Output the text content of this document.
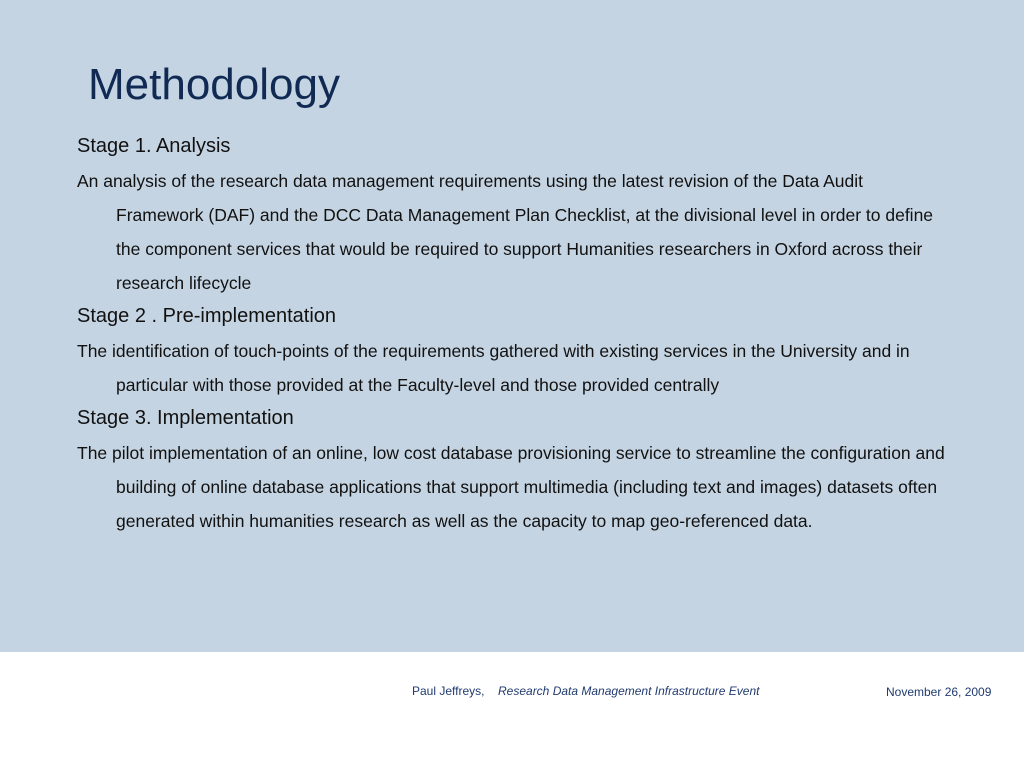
Methodology

Stage 1. Analysis

An analysis of the research data management requirements using the latest revision of the Data Audit Framework (DAF) and the DCC Data Management Plan Checklist, at the divisional level in order to define the component services that would be required to support Humanities researchers in Oxford across their research lifecycle

Stage 2 . Pre-implementation

The identification of touch-points of the requirements gathered with existing services in the University and in particular with those provided at the Faculty-level and those provided centrally

Stage 3. Implementation

The pilot implementation of an online, low cost database provisioning service to streamline the configuration and building of online database applications that support multimedia (including text and images) datasets often generated within humanities research as well as the capacity to map geo-referenced data.

Paul Jeffreys, Research Data Management Infrastructure Event	November 26, 2009
